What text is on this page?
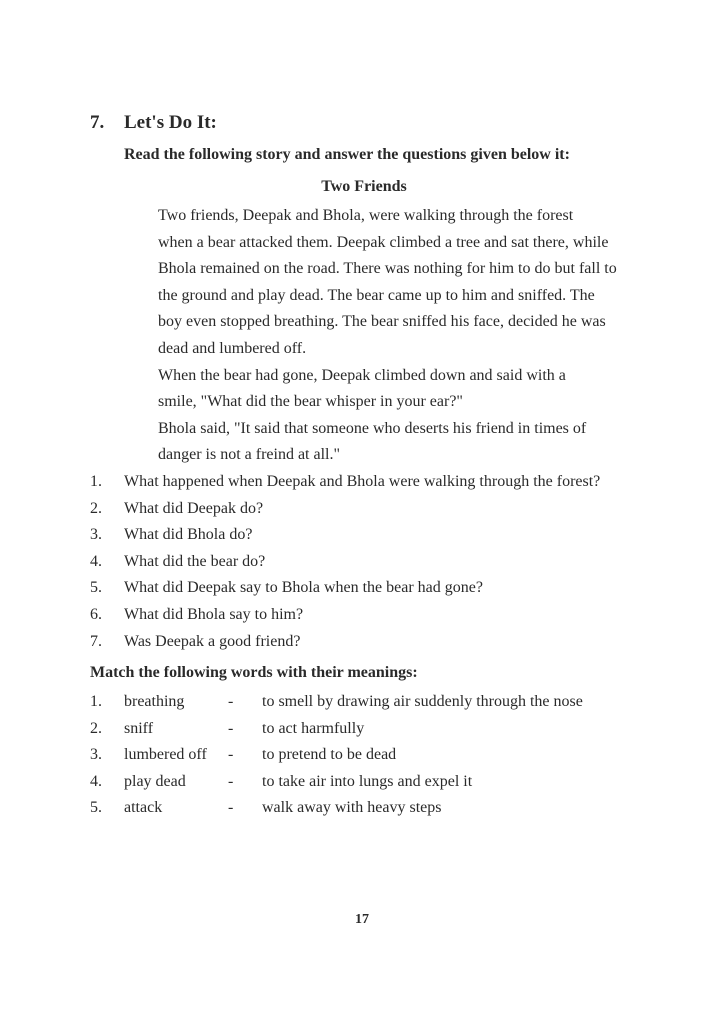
7. Let's Do It:

Read the following story and answer the questions given below it:

Two Friends

Two friends, Deepak and Bhola, were walking through the forest
when a bear attacked them. Deepak climbed a tree and sat there, while
Bhola remained on the road. There was nothing for him to do but fall to
the ground and play dead. The bear came up to him and sniffed. The
boy even stopped breathing. The bear sniffed his face, decided he was
dead and lumbered off.

When the bear had gone, Deepak climbed down and said with a
smile, "What did the bear whisper in your ear?"

Bhola said, "It said that someone who deserts his friend in times of
danger is not a freind at all."

1.	What happened when Deepak and Bhola were walking through the forest?
2.	What did Deepak do?
3.	What did Bhola do?
4.	What did the bear do?
5.	What did Deepak say to Bhola when the bear had gone?
6.	What did Bhola say to him?
7.	Was Deepak a good friend?

Match the following words with their meanings:

1.	breathing	-	to smell by drawing air suddenly through the nose
2.	sniff	-	to act harmfully
3.	lumbered off	-	to pretend to be dead
4.	play dead	-	to take air into lungs and expel it
5.	attack	-	walk away with heavy steps

17
